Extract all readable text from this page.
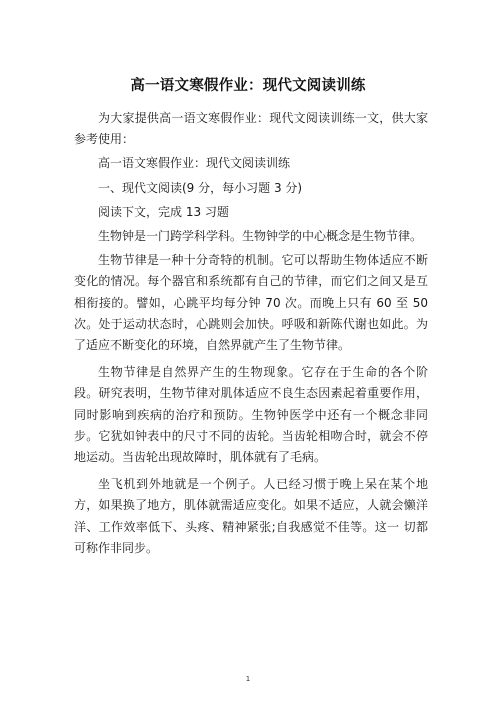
高一语文寒假作业：现代文阅读训练

为大家提供高一语文寒假作业：现代文阅读训练一文，供大家参考使用：

高一语文寒假作业：现代文阅读训练

一、现代文阅读(9 分，每小习题 3 分)

阅读下文，完成 13 习题

生物钟是一门跨学科学科。生物钟学的中心概念是生物节律。

生物节律是一种十分奇特的机制。它可以帮助生物体适应不断变化的情况。每个器官和系统都有自己的节律，而它们之间又是互相衔接的。譬如，心跳平均每分钟 70 次。而晚上只有 60 至 50 次。处于运动状态时，心跳则会加快。呼吸和新陈代谢也如此。为了适应不断变化的环境，自然界就产生了生物节律。

生物节律是自然界产生的生物现象。它存在于生命的各个阶段。研究表明，生物节律对肌体适应不良生态因素起着重要作用，同时影响到疾病的治疗和预防。生物钟医学中还有一个概念非同步。它犹如钟表中的尺寸不同的齿轮。当齿轮相吻合时，就会不停地运动。当齿轮出现故障时，肌体就有了毛病。

坐飞机到外地就是一个例子。人已经习惯于晚上呆在某个地方，如果换了地方，肌体就需适应变化。如果不适应，人就会懒洋洋、工作效率低下、头疼、精神紧张;自我感觉不佳等。这一 切都可称作非同步。

1
